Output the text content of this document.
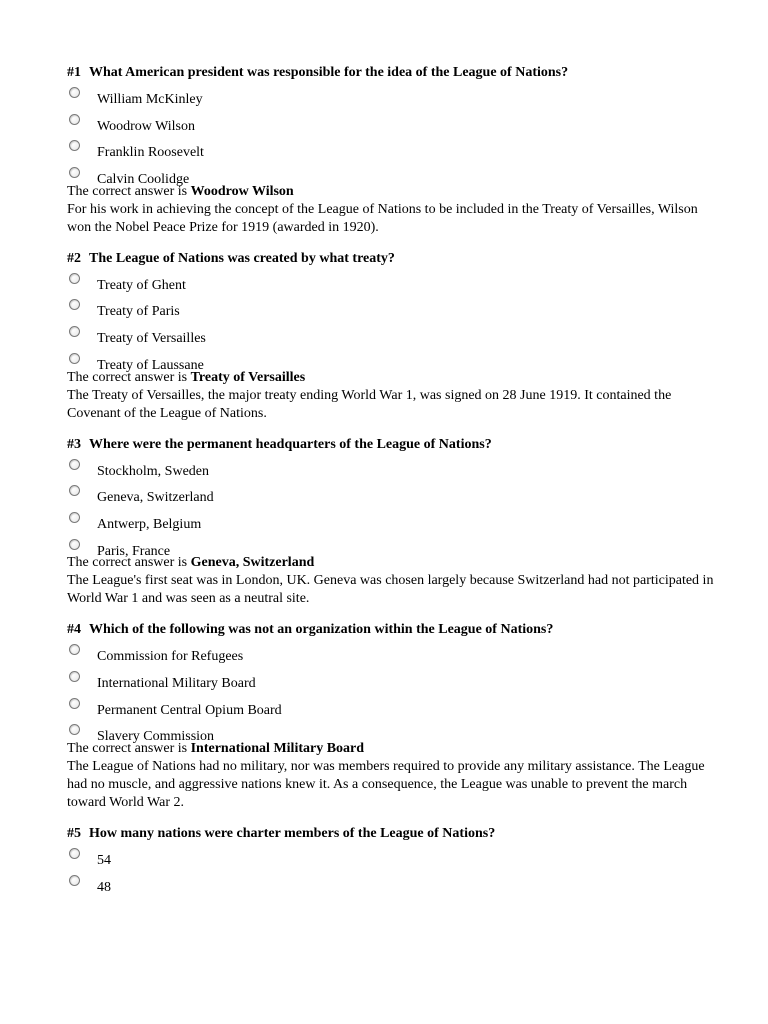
#1 What American president was responsible for the idea of the League of Nations?
William McKinley
Woodrow Wilson
Franklin Roosevelt
Calvin Coolidge
The correct answer is Woodrow Wilson

For his work in achieving the concept of the League of Nations to be included in the Treaty of Versailles, Wilson won the Nobel Peace Prize for 1919 (awarded in 1920).

#2 The League of Nations was created by what treaty?
Treaty of Ghent
Treaty of Paris
Treaty of Versailles
Treaty of Laussane
The correct answer is Treaty of Versailles

The Treaty of Versailles, the major treaty ending World War 1, was signed on 28 June 1919. It contained the Covenant of the League of Nations.

#3 Where were the permanent headquarters of the League of Nations?
Stockholm, Sweden
Geneva, Switzerland
Antwerp, Belgium
Paris, France
The correct answer is Geneva, Switzerland

The League's first seat was in London, UK. Geneva was chosen largely because Switzerland had not participated in World War 1 and was seen as a neutral site.

#4 Which of the following was not an organization within the League of Nations?
Commission for Refugees
International Military Board
Permanent Central Opium Board
Slavery Commission
The correct answer is International Military Board

The League of Nations had no military, nor was members required to provide any military assistance. The League had no muscle, and aggressive nations knew it. As a consequence, the League was unable to prevent the march toward World War 2.

#5 How many nations were charter members of the League of Nations?
54
48
